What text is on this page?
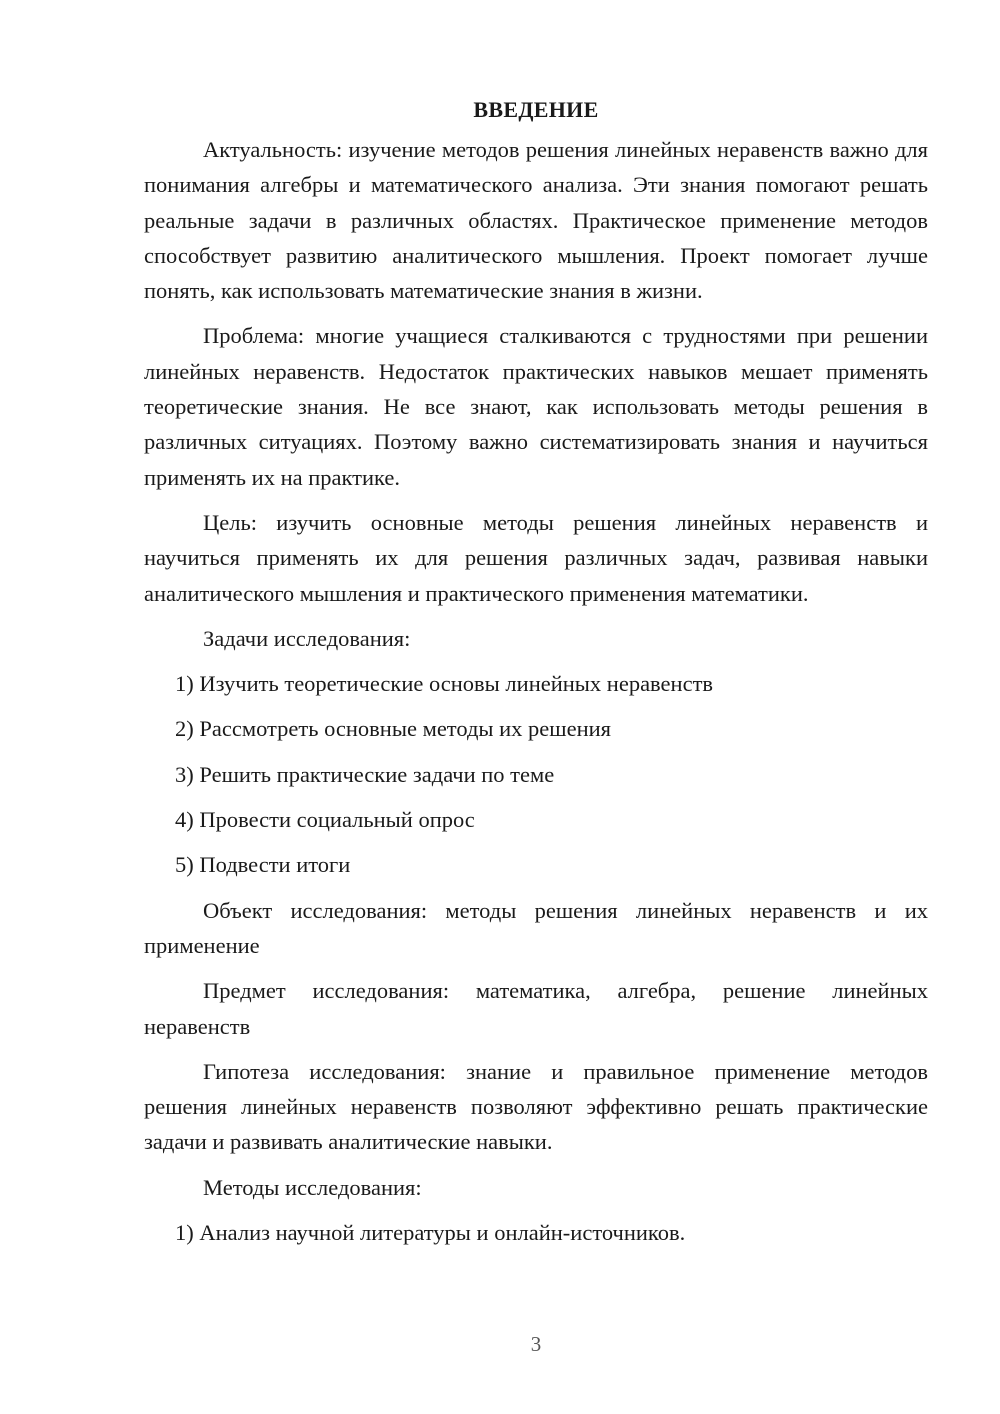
ВВЕДЕНИЕ

Актуальность: изучение методов решения линейных неравенств важно для понимания алгебры и математического анализа. Эти знания помогают решать реальные задачи в различных областях. Практическое применение методов способствует развитию аналитического мышления. Проект помогает лучше понять, как использовать математические знания в жизни.

Проблема: многие учащиеся сталкиваются с трудностями при решении линейных неравенств. Недостаток практических навыков мешает применять теоретические знания. Не все знают, как использовать методы решения в различных ситуациях. Поэтому важно систематизировать знания и научиться применять их на практике.

Цель: изучить основные методы решения линейных неравенств и научиться применять их для решения различных задач, развивая навыки аналитического мышления и практического применения математики.

Задачи исследования:

1) Изучить теоретические основы линейных неравенств
2) Рассмотреть основные методы их решения
3) Решить практические задачи по теме
4) Провести социальный опрос
5) Подвести итоги

Объект исследования: методы решения линейных неравенств и их применение

Предмет исследования: математика, алгебра, решение линейных неравенств

Гипотеза исследования: знание и правильное применение методов решения линейных неравенств позволяют эффективно решать практические задачи и развивать аналитические навыки.

Методы исследования:

1) Анализ научной литературы и онлайн-источников.
3
